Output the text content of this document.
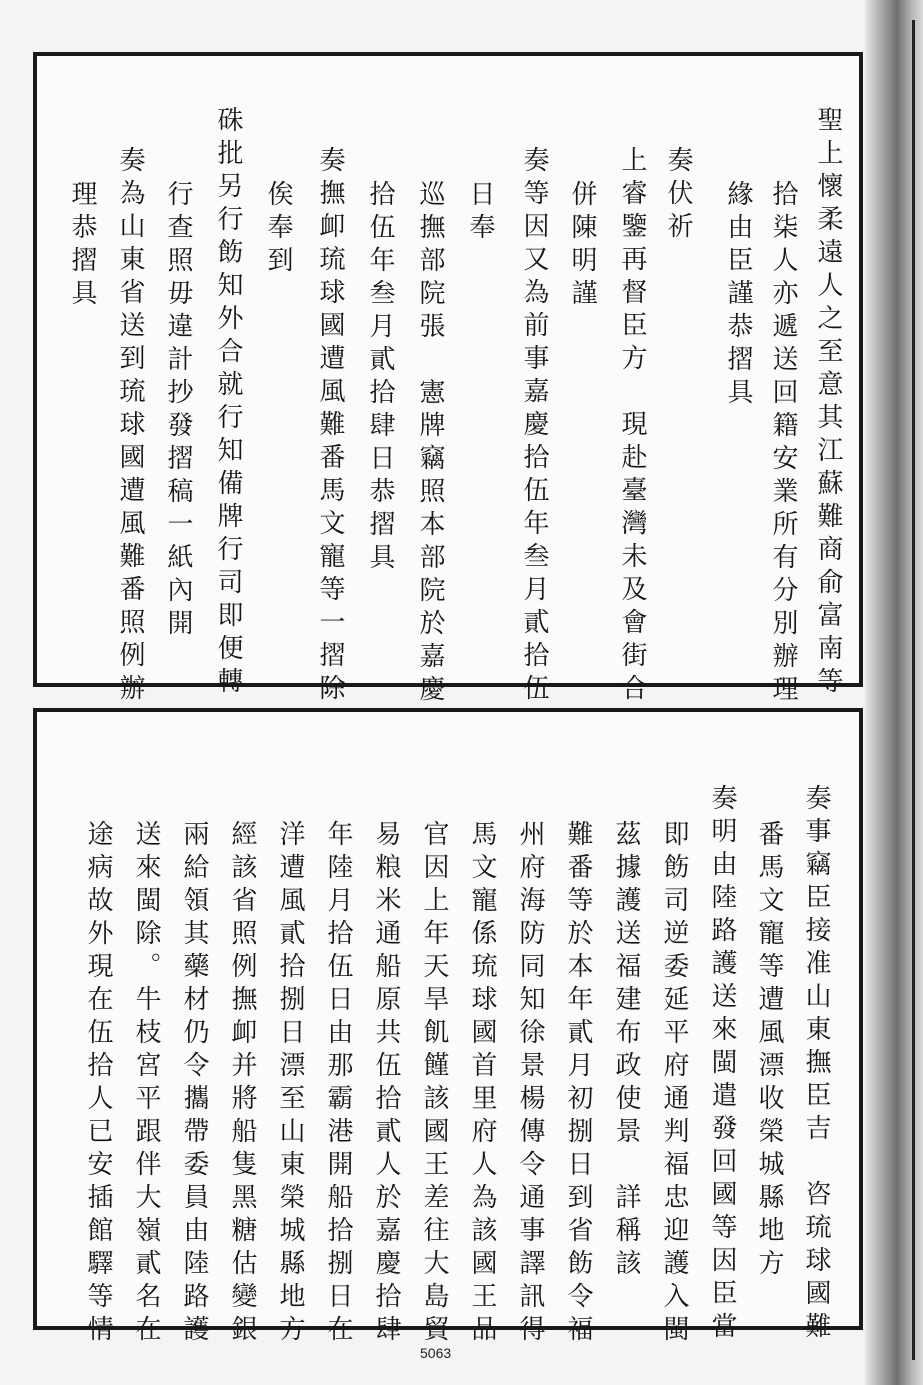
聖上懷柔遠人之至意其江蘇難商俞富南等
拾柒人亦遞送回籍安業所有分別辦理
緣由臣謹恭摺具
奏伏祈
上睿鑒再督臣方　現赴臺灣未及會街合
併陳明謹
奏等因又為前事嘉慶拾伍年叁月貳拾伍
日奉
巡撫部院張　憲牌竊照本部院於嘉慶
拾伍年叁月貳拾肆日恭摺具
奏撫卹琉球國遭風難番馬文寵等一摺除
俟奉到
硃批另行飭知外合就行知備牌行司即便轉
行查照毋違計抄發摺稿一紙內開
奏為山東省送到琉球國遭風難番照例辦
理恭摺具
奏事竊臣接准山東撫臣吉　咨琉球國難
番馬文寵等遭風漂收榮城縣地方
奏明由陸路護送來閩遣發回國等因臣當
即飭司逆委延平府通判福忠迎護入閩
茲據護送福建布政使景　詳稱該
難番等於本年貳月初捌日到省飭令福
州府海防同知徐景楊傳令通事譯訊得
馬文寵係琉球國首里府人為該國王品
官因上年天旱飢饉該國王差往大島貿
易粮米通船原共伍拾貳人於嘉慶拾肆
年陸月拾伍日由那霸港開船拾捌日在
洋遭風貳拾捌日漂至山東榮城縣地方
經該省照例撫卹并將船隻黑糖估變銀
兩給領其藥材仍令攜帶委員由陸路護
送來閩除。牛枝宮平跟伴大嶺貳名在
途病故外現在伍拾人已安插館驛等情
5063
